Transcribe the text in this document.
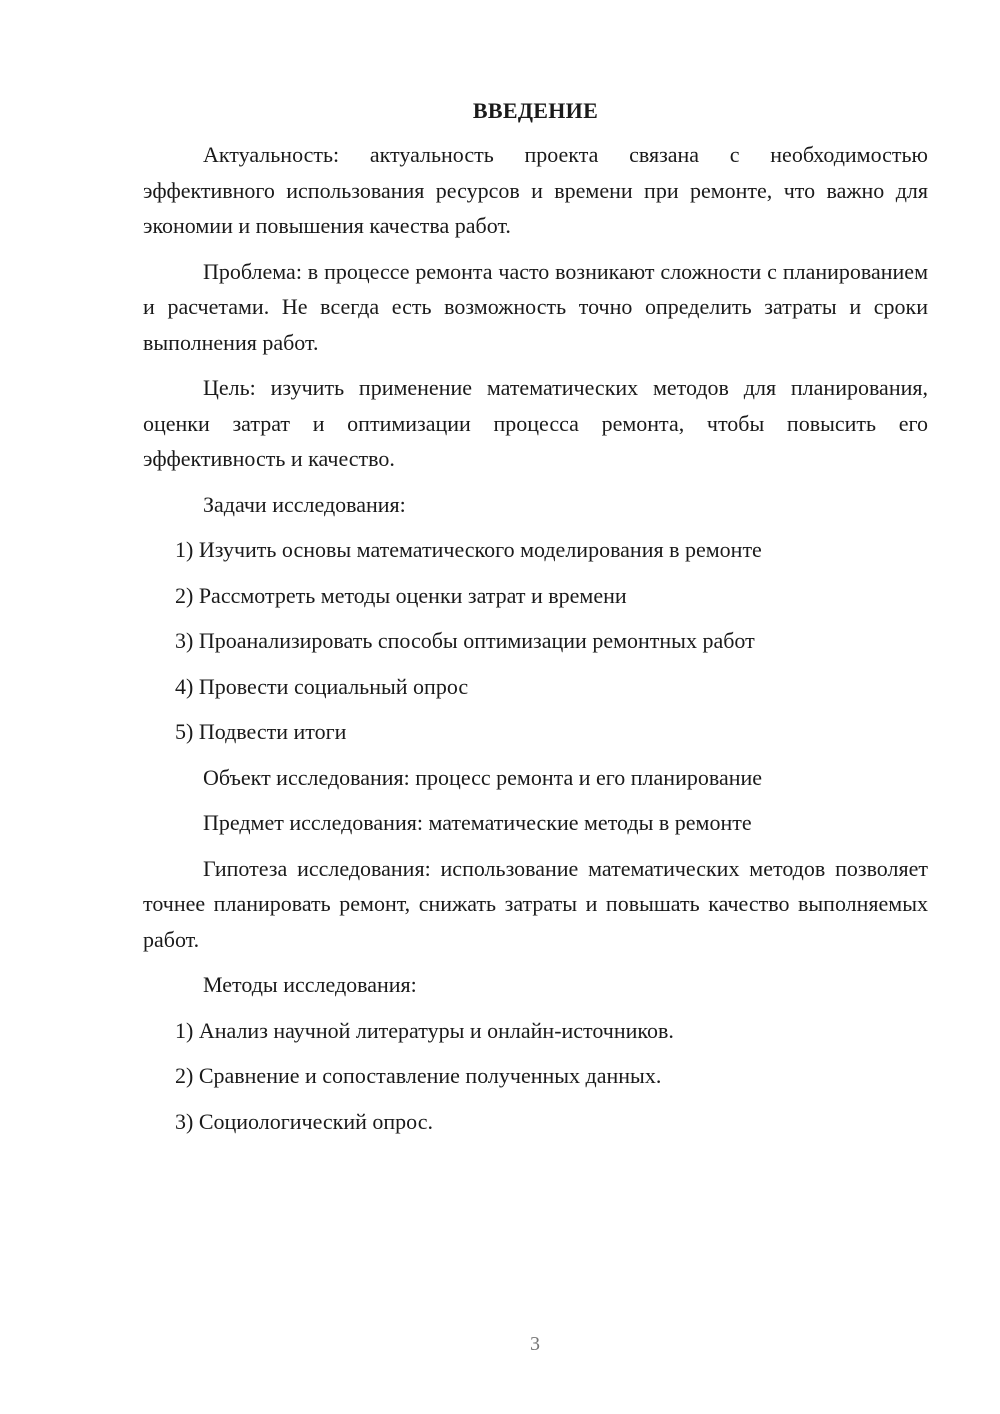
ВВЕДЕНИЕ

Актуальность: актуальность проекта связана с необходимостью эффективного использования ресурсов и времени при ремонте, что важно для экономии и повышения качества работ.

Проблема: в процессе ремонта часто возникают сложности с планированием и расчетами. Не всегда есть возможность точно определить затраты и сроки выполнения работ.

Цель: изучить применение математических методов для планирования, оценки затрат и оптимизации процесса ремонта, чтобы повысить его эффективность и качество.

Задачи исследования:
1) Изучить основы математического моделирования в ремонте
2) Рассмотреть методы оценки затрат и времени
3) Проанализировать способы оптимизации ремонтных работ
4) Провести социальный опрос
5) Подвести итоги

Объект исследования: процесс ремонта и его планирование

Предмет исследования: математические методы в ремонте

Гипотеза исследования: использование математических методов позволяет точнее планировать ремонт, снижать затраты и повышать качество выполняемых работ.

Методы исследования:
1) Анализ научной литературы и онлайн-источников.
2) Сравнение и сопоставление полученных данных.
3) Социологический опрос.
3
